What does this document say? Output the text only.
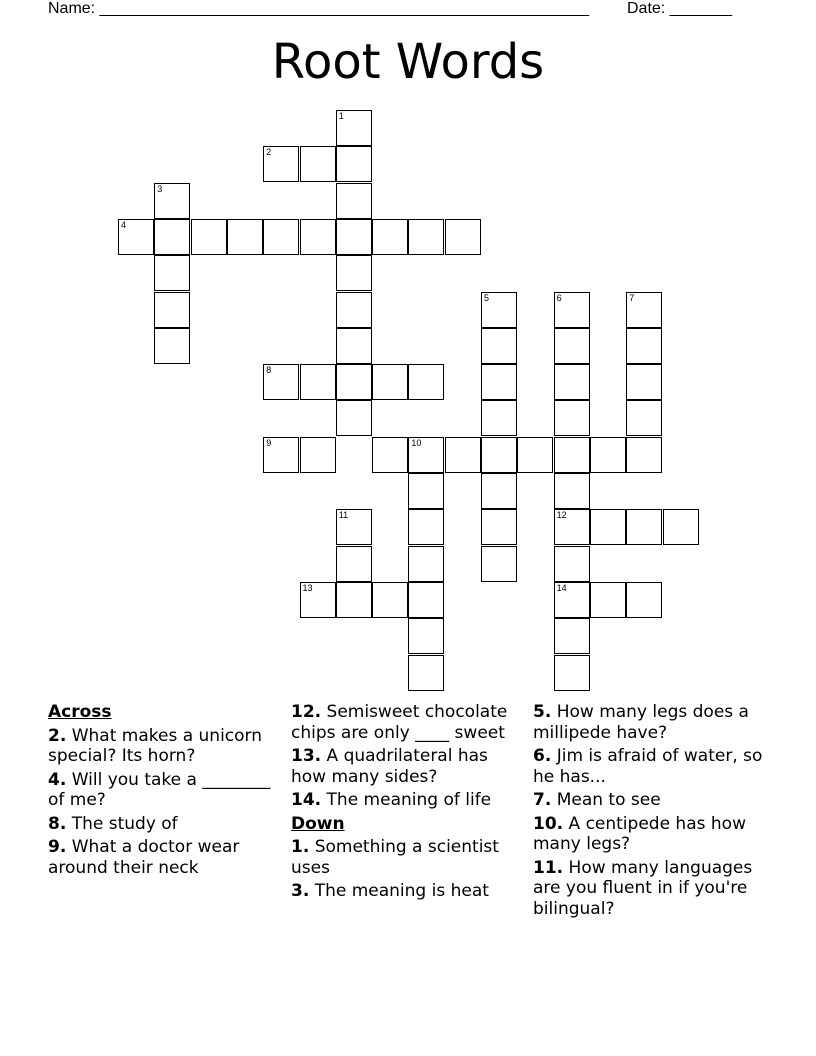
Name: _______________________________________________________ Date: _______
Root Words
1
2
3
4
5	6
12
14
7
8
9	10
11
13
Across
2. What makes a unicorn special? Its horn?
4. Will you take a ________ of me?
8. The study of
9. What a doctor wear around their neck
12. Semisweet chocolate chips are only ____ sweet
13. A quadrilateral has how many sides?
14. The meaning of life
Down
1. Something a scientist uses
3. The meaning is heat
5. How many legs does a millipede have?
6. Jim is afraid of water, so he has...
7. Mean to see
10. A centipede has how many legs?
11. How many languages are you fluent in if you're bilingual?
